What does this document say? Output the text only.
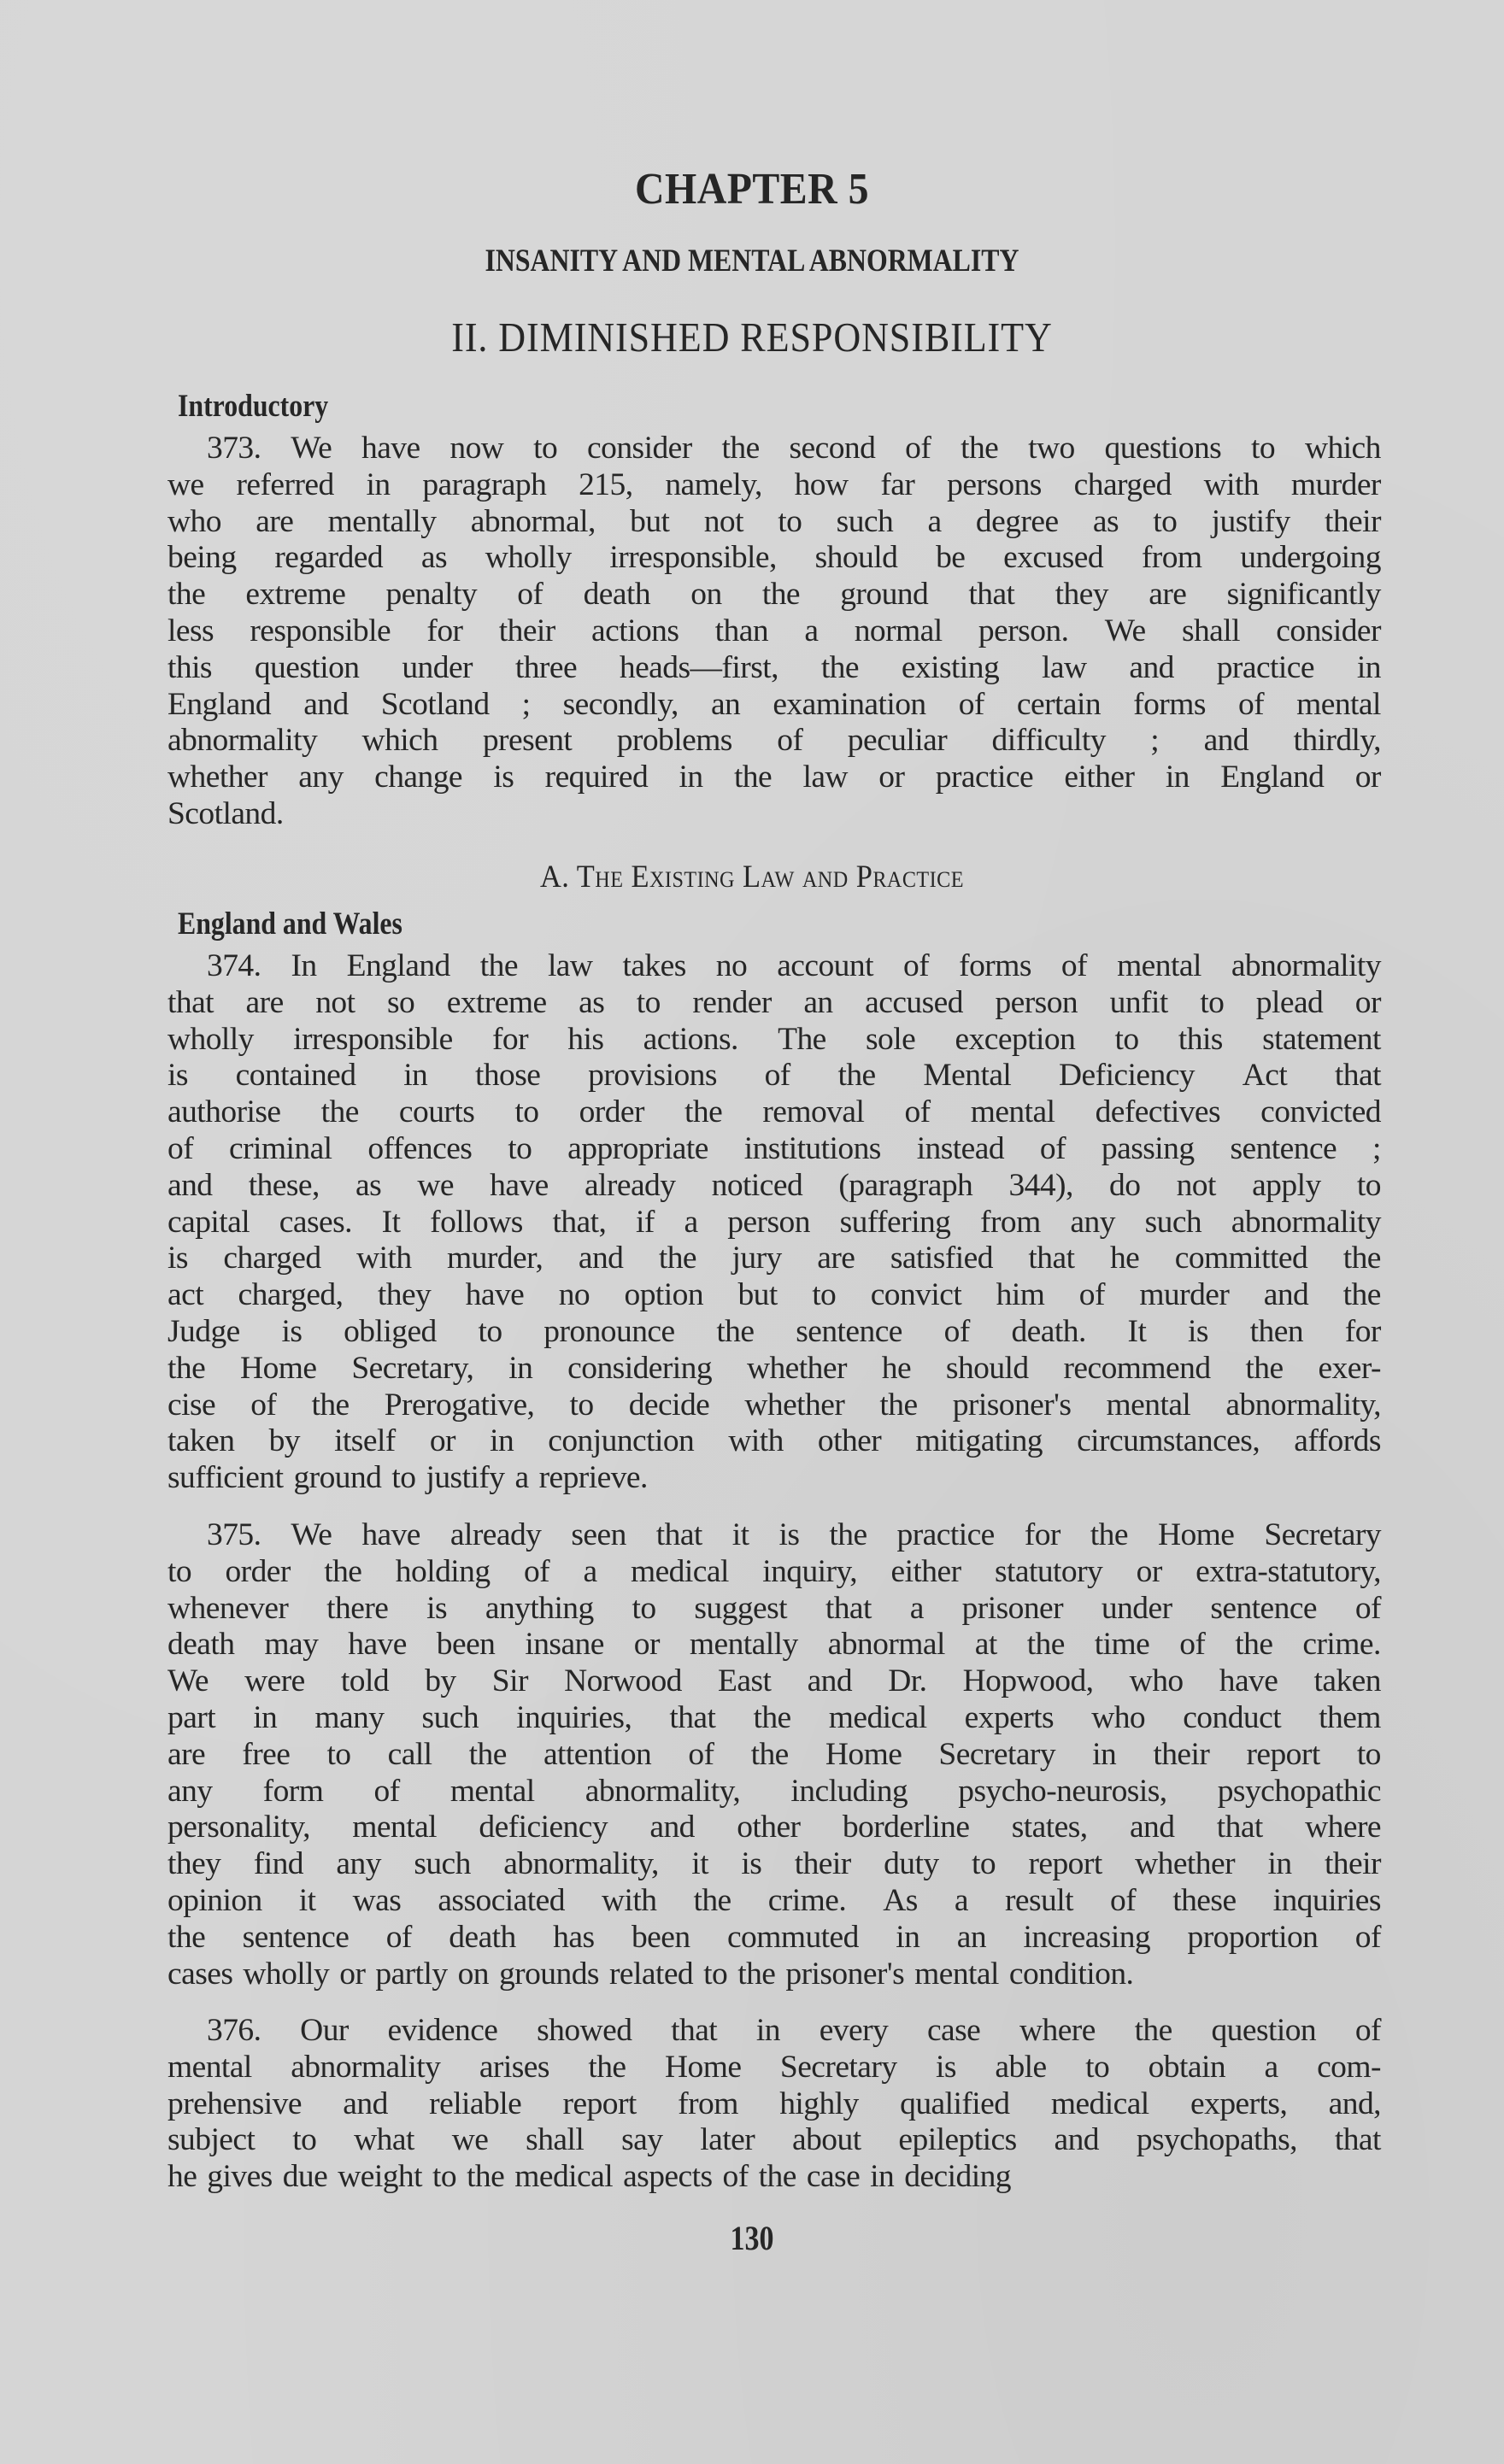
CHAPTER 5
INSANITY AND MENTAL ABNORMALITY
II. DIMINISHED RESPONSIBILITY
Introductory
373. We have now to consider the second of the two questions to which
we referred in paragraph 215, namely, how far persons charged with murder
who are mentally abnormal, but not to such a degree as to justify their
being regarded as wholly irresponsible, should be excused from undergoing
the extreme penalty of death on the ground that they are significantly
less responsible for their actions than a normal person. We shall consider
this question under three heads—first, the existing law and practice in
England and Scotland ; secondly, an examination of certain forms of mental
abnormality which present problems of peculiar difficulty ; and thirdly,
whether any change is required in the law or practice either in England or
Scotland.
A. The Existing Law and Practice
England and Wales
374. In England the law takes no account of forms of mental abnormality
that are not so extreme as to render an accused person unfit to plead or
wholly irresponsible for his actions. The sole exception to this statement
is contained in those provisions of the Mental Deficiency Act that
authorise the courts to order the removal of mental defectives convicted
of criminal offences to appropriate institutions instead of passing sentence ;
and these, as we have already noticed (paragraph 344), do not apply to
capital cases. It follows that, if a person suffering from any such abnormality
is charged with murder, and the jury are satisfied that he committed the
act charged, they have no option but to convict him of murder and the
Judge is obliged to pronounce the sentence of death. It is then for
the Home Secretary, in considering whether he should recommend the exer-
cise of the Prerogative, to decide whether the prisoner's mental abnormality,
taken by itself or in conjunction with other mitigating circumstances, affords
sufficient ground to justify a reprieve.
375. We have already seen that it is the practice for the Home Secretary
to order the holding of a medical inquiry, either statutory or extra-statutory,
whenever there is anything to suggest that a prisoner under sentence of
death may have been insane or mentally abnormal at the time of the crime.
We were told by Sir Norwood East and Dr. Hopwood, who have taken
part in many such inquiries, that the medical experts who conduct them
are free to call the attention of the Home Secretary in their report to
any form of mental abnormality, including psycho-neurosis, psychopathic
personality, mental deficiency and other borderline states, and that where
they find any such abnormality, it is their duty to report whether in their
opinion it was associated with the crime. As a result of these inquiries
the sentence of death has been commuted in an increasing proportion of
cases wholly or partly on grounds related to the prisoner's mental condition.
376. Our evidence showed that in every case where the question of
mental abnormality arises the Home Secretary is able to obtain a com-
prehensive and reliable report from highly qualified medical experts, and,
subject to what we shall say later about epileptics and psychopaths, that
he gives due weight to the medical aspects of the case in deciding
130
